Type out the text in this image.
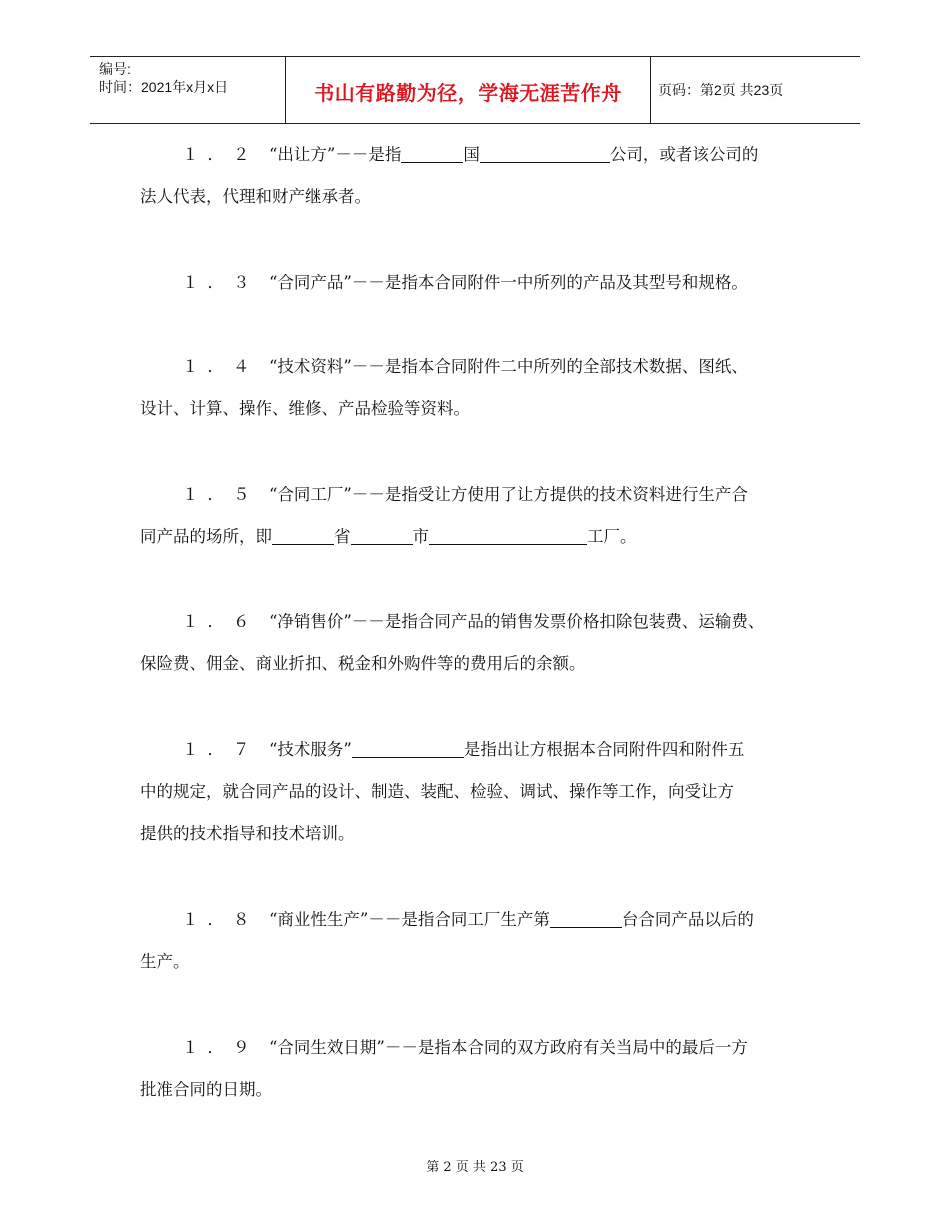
编号:
时间：2021年x月x日	书山有路勤为径，学海无涯苦作舟	页码：第2页 共23页
１．２ “出让方”－－是指	国	公司，或者该公司的
法人代表，代理和财产继承者。
１．３ “合同产品”－－是指本合同附件一中所列的产品及其型号和规格。
１．４ “技术资料”－－是指本合同附件二中所列的全部技术数据、图纸、
设计、计算、操作、维修、产品检验等资料。
１．５ “合同工厂”－－是指受让方使用了让方提供的技术资料进行生产合
同产品的场所，即	省	市	工厂。
１．６ “净销售价”－－是指合同产品的销售发票价格扣除包装费、运输费、
保险费、佣金、商业折扣、税金和外购件等的费用后的余额。
１．７ “技术服务”	是指出让方根据本合同附件四和附件五
中的规定，就合同产品的设计、制造、装配、检验、调试、操作等工作，向受让方
提供的技术指导和技术培训。
１．８ “商业性生产”－－是指合同工厂生产第	台合同产品以后的
生产。
１．９ “合同生效日期”－－是指本合同的双方政府有关当局中的最后一方
批准合同的日期。
第 2 页 共 23 页
